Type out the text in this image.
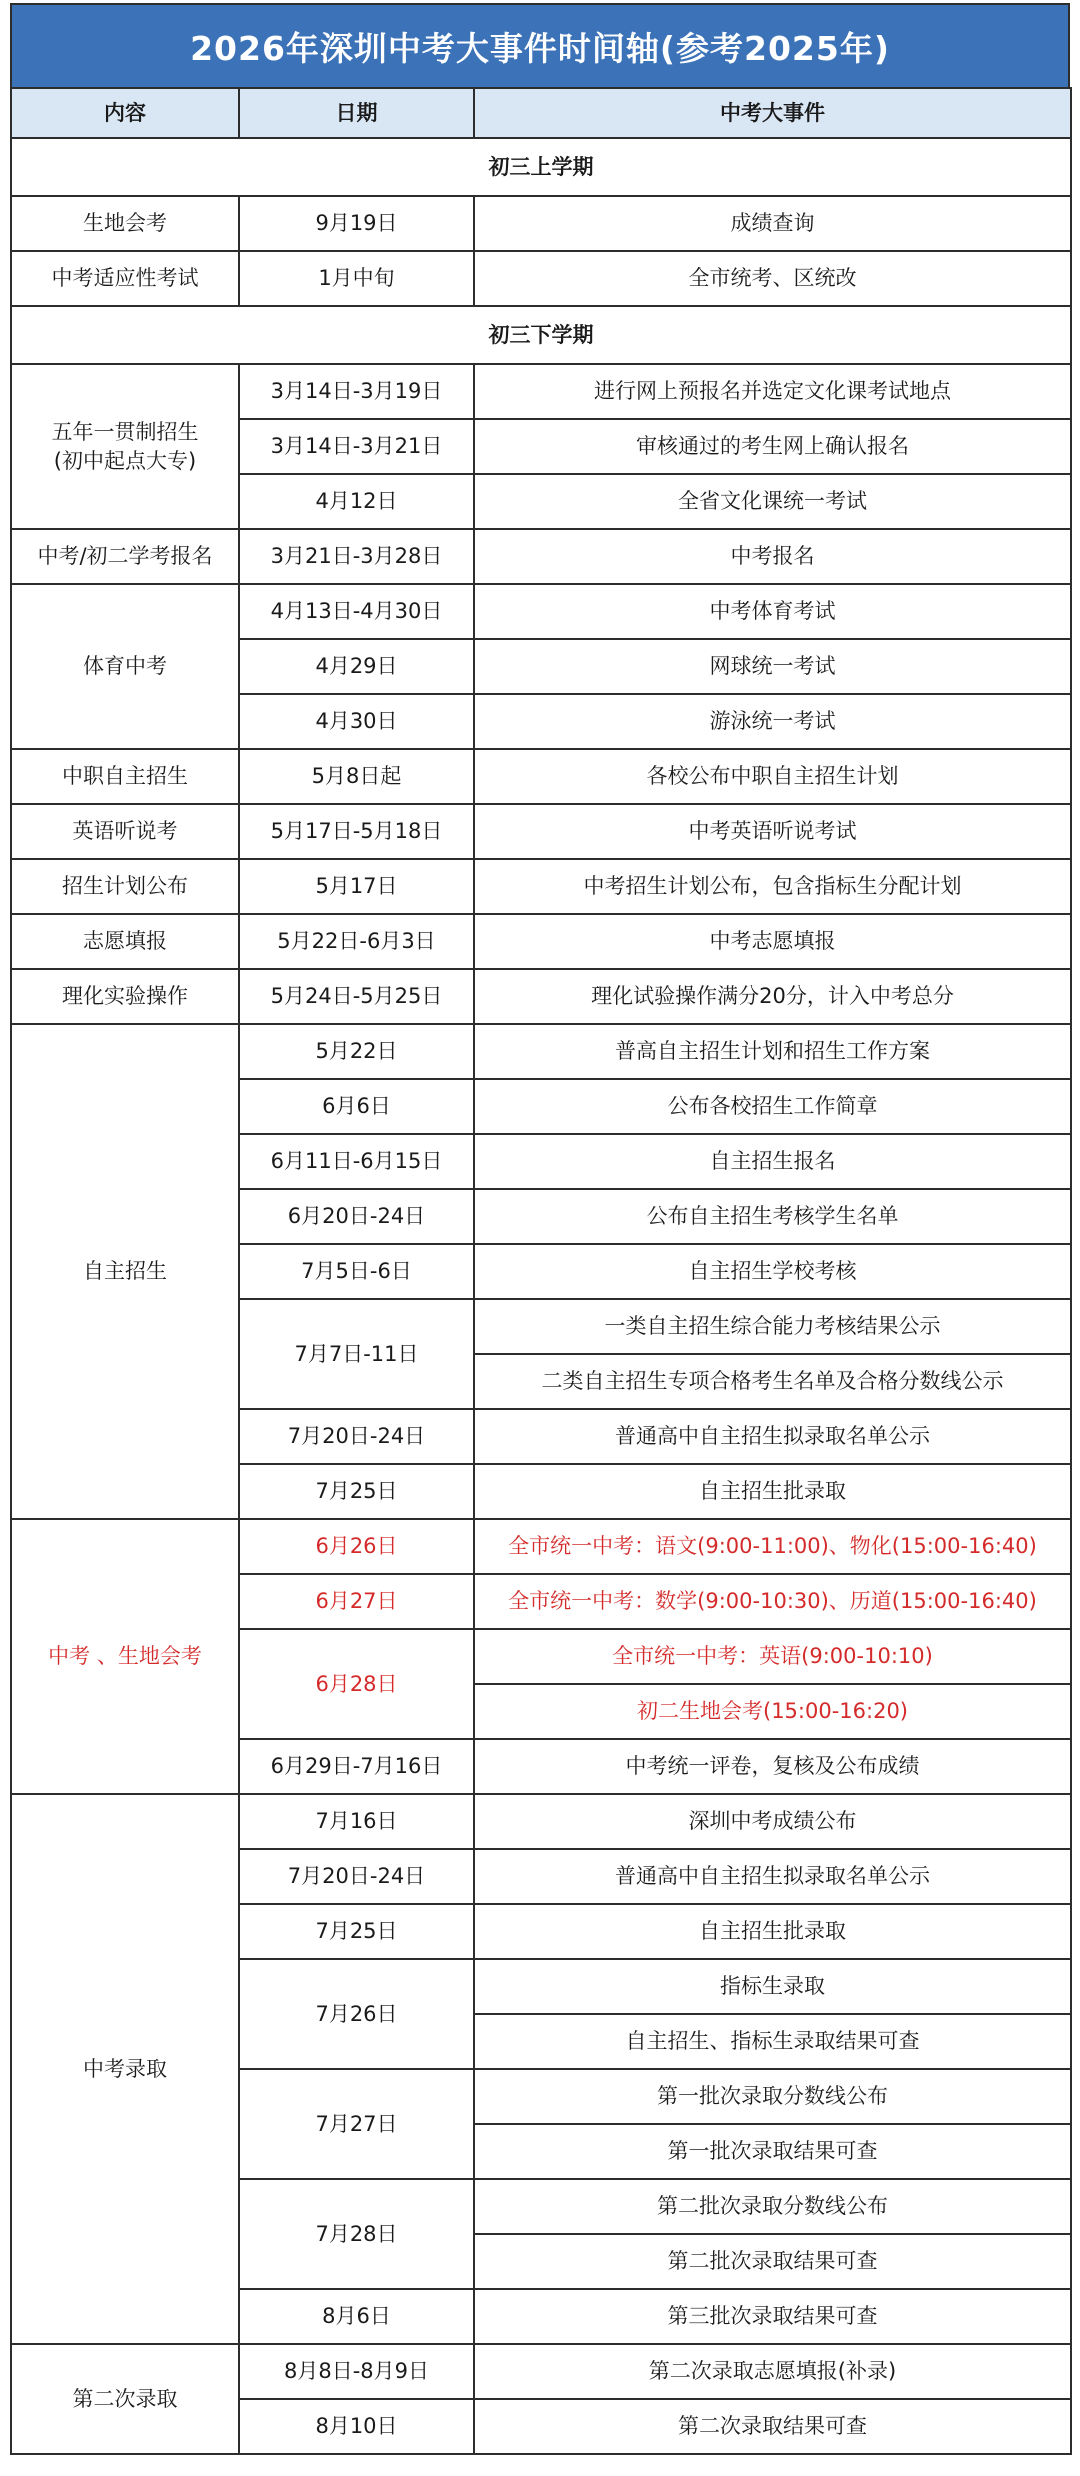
2026年深圳中考大事件时间轴(参考2025年)
内容	日期	中考大事件
初三上学期		
生地会考	9月19日	成绩查询
中考适应性考试	1月中旬	全市统考、区统改
初三下学期		

五年一贯制招生
(初中起点大专)	3月14日-3月19日	进行网上预报名并选定文化课考试地点
	3月14日-3月21日	审核通过的考生网上确认报名
	4月12日	全省文化课统一考试
中考/初二学考报名	3月21日-3月28日	中考报名
体育中考	4月13日-4月30日	中考体育考试
	4月29日	网球统一考试
	4月30日	游泳统一考试
中职自主招生	5月8日起	各校公布中职自主招生计划
英语听说考	5月17日-5月18日	中考英语听说考试
招生计划公布	5月17日	中考招生计划公布，包含指标生分配计划
志愿填报	5月22日-6月3日	中考志愿填报
理化实验操作	5月24日-5月25日	理化试验操作满分20分，计入中考总分
自主招生	5月22日	普高自主招生计划和招生工作方案
	6月6日	公布各校招生工作简章
	6月11日-6月15日	自主招生报名
	6月20日-24日	公布自主招生考核学生名单
	7月5日-6日	自主招生学校考核
	7月7日-11日	一类自主招生综合能力考核结果公示
		二类自主招生专项合格考生名单及合格分数线公示
	7月20日-24日	普通高中自主招生拟录取名单公示
	7月25日	自主招生批录取
中考 、生地会考	6月26日	全市统一中考：语文(9:00-11:00)、物化(15:00-16:40)
	6月27日	全市统一中考：数学(9:00-10:30)、历道(15:00-16:40)
	6月28日	全市统一中考：英语(9:00-10:10)
		初二生地会考(15:00-16:20)
	6月29日-7月16日	中考统一评卷，复核及公布成绩
中考录取	7月16日	深圳中考成绩公布
	7月20日-24日	普通高中自主招生拟录取名单公示
	7月25日	自主招生批录取
	7月26日	指标生录取
		自主招生、指标生录取结果可查
	7月27日	第一批次录取分数线公布
		第一批次录取结果可查
	7月28日	第二批次录取分数线公布
		第二批次录取结果可查
	8月6日	第三批次录取结果可查
第二次录取	8月8日-8月9日	第二次录取志愿填报(补录)
	8月10日	第二次录取结果可查
